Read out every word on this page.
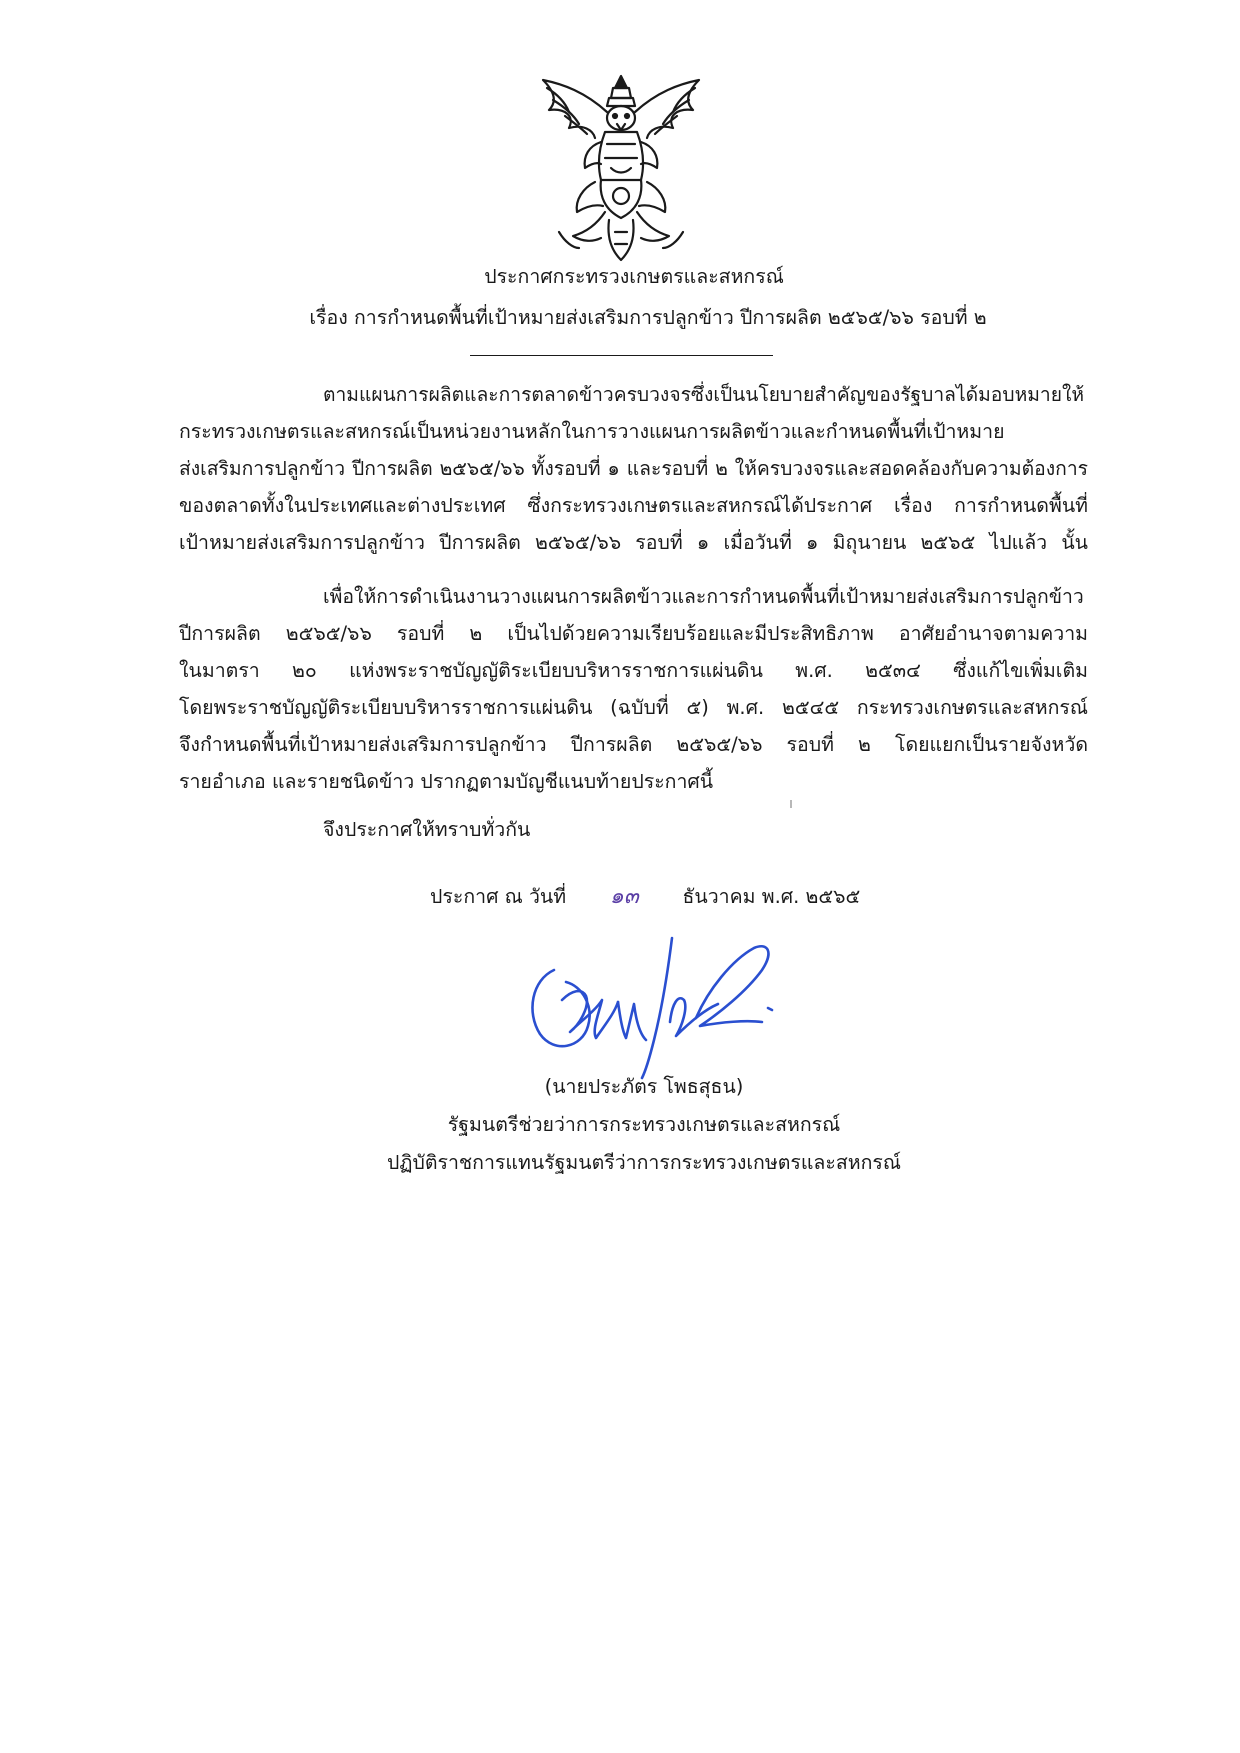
ประกาศกระทรวงเกษตรและสหกรณ์
เรื่อง การกำหนดพื้นที่เป้าหมายส่งเสริมการปลูกข้าว ปีการผลิต ๒๕๖๕/๖๖ รอบที่ ๒
ตามแผนการผลิตและการตลาดข้าวครบวงจรซึ่งเป็นนโยบายสำคัญของรัฐบาลได้มอบหมายให้
กระทรวงเกษตรและสหกรณ์เป็นหน่วยงานหลักในการวางแผนการผลิตข้าวและกำหนดพื้นที่เป้าหมาย
ส่งเสริมการปลูกข้าว ปีการผลิต ๒๕๖๕/๖๖ ทั้งรอบที่ ๑ และรอบที่ ๒ ให้ครบวงจรและสอดคล้องกับความต้องการ
ของตลาดทั้งในประเทศและต่างประเทศ ซึ่งกระทรวงเกษตรและสหกรณ์ได้ประกาศ เรื่อง การกำหนดพื้นที่
เป้าหมายส่งเสริมการปลูกข้าว ปีการผลิต ๒๕๖๕/๖๖ รอบที่ ๑ เมื่อวันที่ ๑ มิถุนายน ๒๕๖๕ ไปแล้ว นั้น
เพื่อให้การดำเนินงานวางแผนการผลิตข้าวและการกำหนดพื้นที่เป้าหมายส่งเสริมการปลูกข้าว
ปีการผลิต ๒๕๖๕/๖๖ รอบที่ ๒ เป็นไปด้วยความเรียบร้อยและมีประสิทธิภาพ อาศัยอำนาจตามความ
ในมาตรา ๒๐ แห่งพระราชบัญญัติระเบียบบริหารราชการแผ่นดิน พ.ศ. ๒๕๓๔ ซึ่งแก้ไขเพิ่มเติม
โดยพระราชบัญญัติระเบียบบริหารราชการแผ่นดิน (ฉบับที่ ๕) พ.ศ. ๒๕๔๕ กระทรวงเกษตรและสหกรณ์
จึงกำหนดพื้นที่เป้าหมายส่งเสริมการปลูกข้าว ปีการผลิต ๒๕๖๕/๖๖ รอบที่ ๒ โดยแยกเป็นรายจังหวัด
รายอำเภอ และรายชนิดข้าว ปรากฏตามบัญชีแนบท้ายประกาศนี้
จึงประกาศให้ทราบทั่วกัน
ประกาศ ณ วันที่ ๑๓ ธันวาคม พ.ศ. ๒๕๖๕
(นายประภัตร โพธสุธน)
รัฐมนตรีช่วยว่าการกระทรวงเกษตรและสหกรณ์
ปฏิบัติราชการแทนรัฐมนตรีว่าการกระทรวงเกษตรและสหกรณ์
